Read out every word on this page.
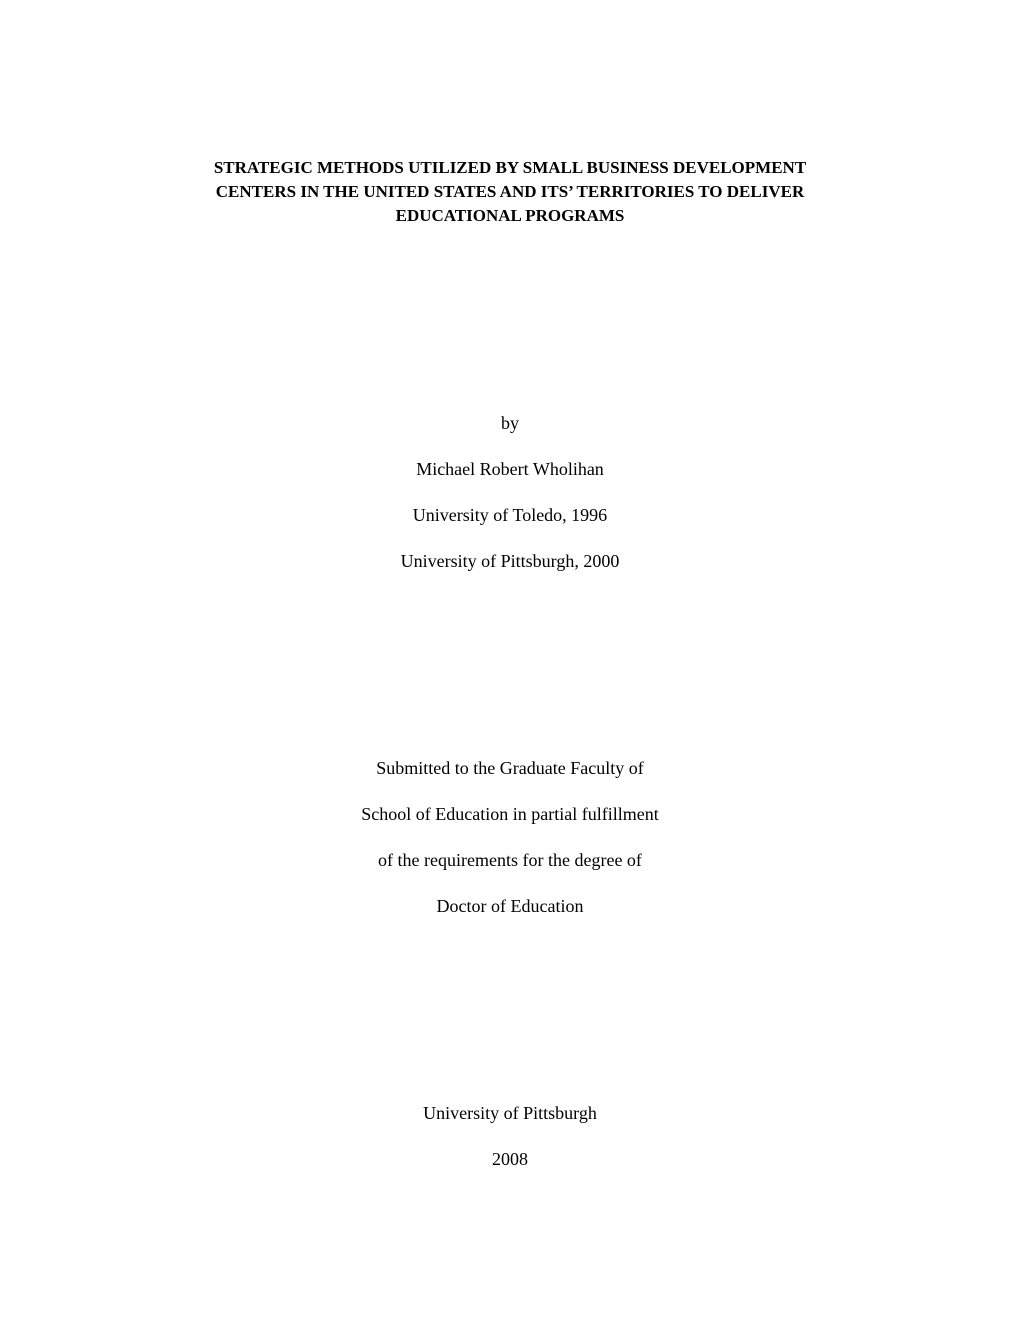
STRATEGIC METHODS UTILIZED BY SMALL BUSINESS DEVELOPMENT
CENTERS IN THE UNITED STATES AND ITS’ TERRITORIES TO DELIVER
EDUCATIONAL PROGRAMS
by
Michael Robert Wholihan
University of Toledo, 1996
University of Pittsburgh, 2000
Submitted to the Graduate Faculty of
School of Education in partial fulfillment
of the requirements for the degree of
Doctor of Education
University of Pittsburgh
2008
